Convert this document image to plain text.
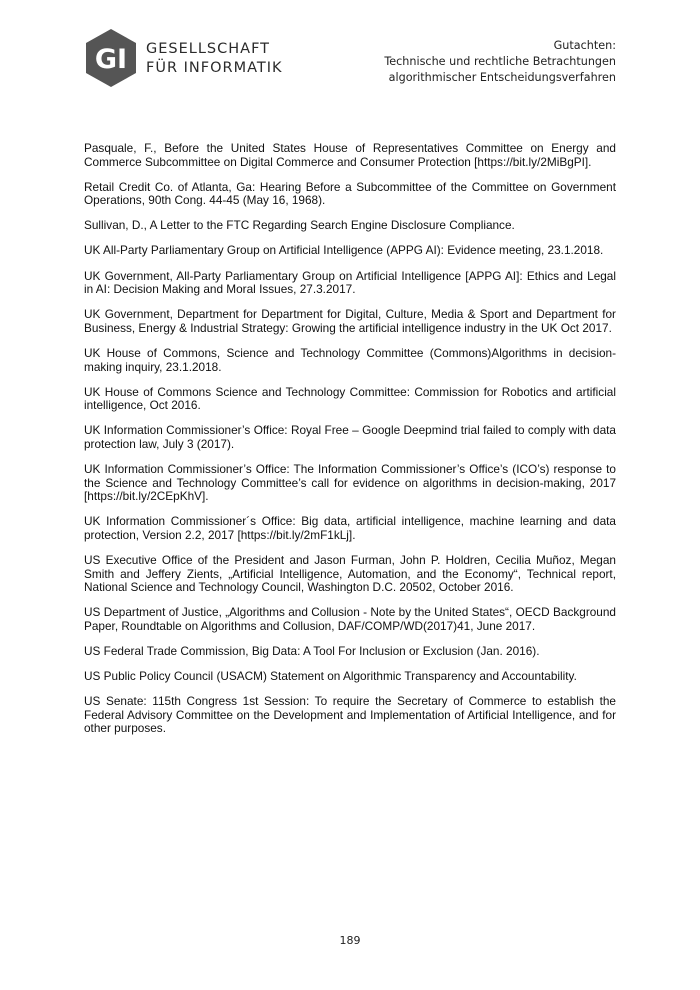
GI GESELLSCHAFT
FÜR INFORMATIK
Gutachten:
Technische und rechtliche Betrachtungen
algorithmischer Entscheidungsverfahren

Pasquale, F., Before the United States House of Representatives Committee on Energy and Commerce Subcommittee on Digital Commerce and Consumer Protection [https://bit.ly/2MiBgPI].

Retail Credit Co. of Atlanta, Ga: Hearing Before a Subcommittee of the Committee on Government Operations, 90th Cong. 44-45 (May 16, 1968).

Sullivan, D., A Letter to the FTC Regarding Search Engine Disclosure Compliance.

UK All-Party Parliamentary Group on Artificial Intelligence (APPG AI): Evidence meeting, 23.1.2018.

UK Government, All-Party Parliamentary Group on Artificial Intelligence [APPG AI]: Ethics and Legal in AI: Decision Making and Moral Issues, 27.3.2017.

UK Government, Department for Department for Digital, Culture, Media & Sport and Department for Business, Energy & Industrial Strategy: Growing the artificial intelligence industry in the UK Oct 2017.

UK House of Commons, Science and Technology Committee (Commons)Algorithms in decision-making inquiry, 23.1.2018.

UK House of Commons Science and Technology Committee: Commission for Robotics and artificial intelligence, Oct 2016.

UK Information Commissioner’s Office: Royal Free – Google Deepmind trial failed to comply with data protection law, July 3 (2017).

UK Information Commissioner’s Office: The Information Commissioner’s Office’s (ICO’s) response to the Science and Technology Committee’s call for evidence on algorithms in decision-making, 2017 [https://bit.ly/2CEpKhV].

UK Information Commissioner´s Office: Big data, artificial intelligence, machine learning and data protection, Version 2.2, 2017 [https://bit.ly/2mF1kLj].

US Executive Office of the President and Jason Furman, John P. Holdren, Cecilia Muñoz, Megan Smith and Jeffery Zients, „Artificial Intelligence, Automation, and the Economy“, Technical report, National Science and Technology Council, Washington D.C. 20502, October 2016.

US Department of Justice, „Algorithms and Collusion - Note by the United States“, OECD Background Paper, Roundtable on Algorithms and Collusion, DAF/COMP/WD(2017)41, June 2017.

US Federal Trade Commission, Big Data: A Tool For Inclusion or Exclusion (Jan. 2016).

US Public Policy Council (USACM) Statement on Algorithmic Transparency and Accountability.

US Senate: 115th Congress 1st Session: To require the Secretary of Commerce to establish the Federal Advisory Committee on the Development and Implementation of Artificial Intelligence, and for other purposes.

189
